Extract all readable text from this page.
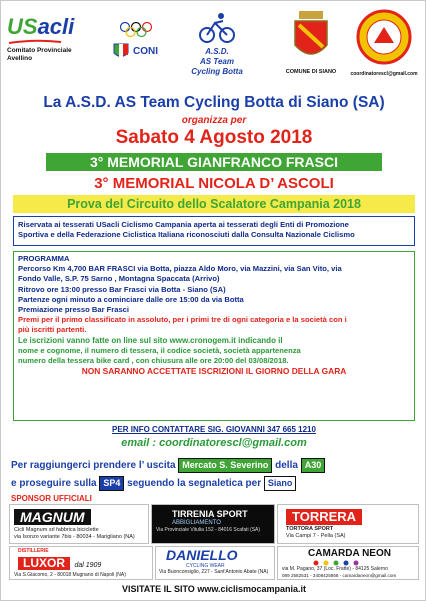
USacli
Comitato Provinciale
Avellino
CONI	A.S.D.
AS Team
Cycling Botta	COMUNE DI SIANO	coordinatorescl@gmail.com
La A.S.D. AS Team Cycling Botta di Siano (SA)
organizza per
Sabato 4 Agosto 2018
3° MEMORIAL GIANFRANCO FRASCI
3° MEMORIAL NICOLA D’ ASCOLI
Prova del Circuito dello Scalatore Campania 2018
Riservata ai tesserati USacli Ciclismo Campania aperta ai tesserati degli Enti di Promozione
Sportiva e della Federazione Ciclistica Italiana riconosciuti dalla Consulta Nazionale Ciclismo
PROGRAMMA
Percorso Km 4,700 BAR FRASCI via Botta, piazza Aldo Moro, via Mazzini, via San Vito, via
Fondo Valle, S.P. 75 Sarno , Montagna Spaccata (Arrivo)
Ritrovo ore 13:00 presso Bar Frasci via Botta - Siano (SA)
Partenze ogni minuto a cominciare dalle ore 15:00 da via Botta
Premiazione presso Bar Frasci
Premi per il primo classificato in assoluto, per i primi tre di ogni categoria e la società con i
più iscritti partenti.
Le iscrizioni vanno fatte on line sul sito www.cronogem.it indicando il
nome e cognome, il numero di tessera, il codice società, società appartenenza
numero della tessera bike card , con chiusura alle ore 20:00 del 03/08/2018.
NON SARANNO ACCETTATE ISCRIZIONI IL GIORNO DELLA GARA
PER INFO CONTATTARE SIG. GIOVANNI 347 665 1210
email : coordinatorescl@gmail.com
Per raggiungerci prendere l’ uscita Mercato S. Severino della A30
e proseguire sulla SP4 seguendo la segnaletica per Siano
SPONSOR UFFICIALI
MAGNUM
Cicli Magnum srl fabbrica biciclette
via Isonzo variante 7bis - 80034 - Marigliano (NA)
TIRRENIA SPORT
ABBIGLIAMENTO
Via Provinciale Vitulia 152 - 84016 Scafati (SA)
TORRERA
TORTORA SPORT
Via Campi 7 - Pella (SA)
DISTILLERIE
LUXOR dal 1909
Via S.Giacomo, 2 - 80018 Mugnano di Napoli (NA)
DANIELLO
CYCLING WEAR
Via Buonconsiglio, 227 - Sant'Antonio Abate (NA)
CAMARDA NEON
via M. Pagano, 37 (Loc. Fratte) - 84125 Salerno
089 2582531 - 3408425868 - camardaneon@gmail.com
VISITATE IL SITO www.ciclismocampania.it
